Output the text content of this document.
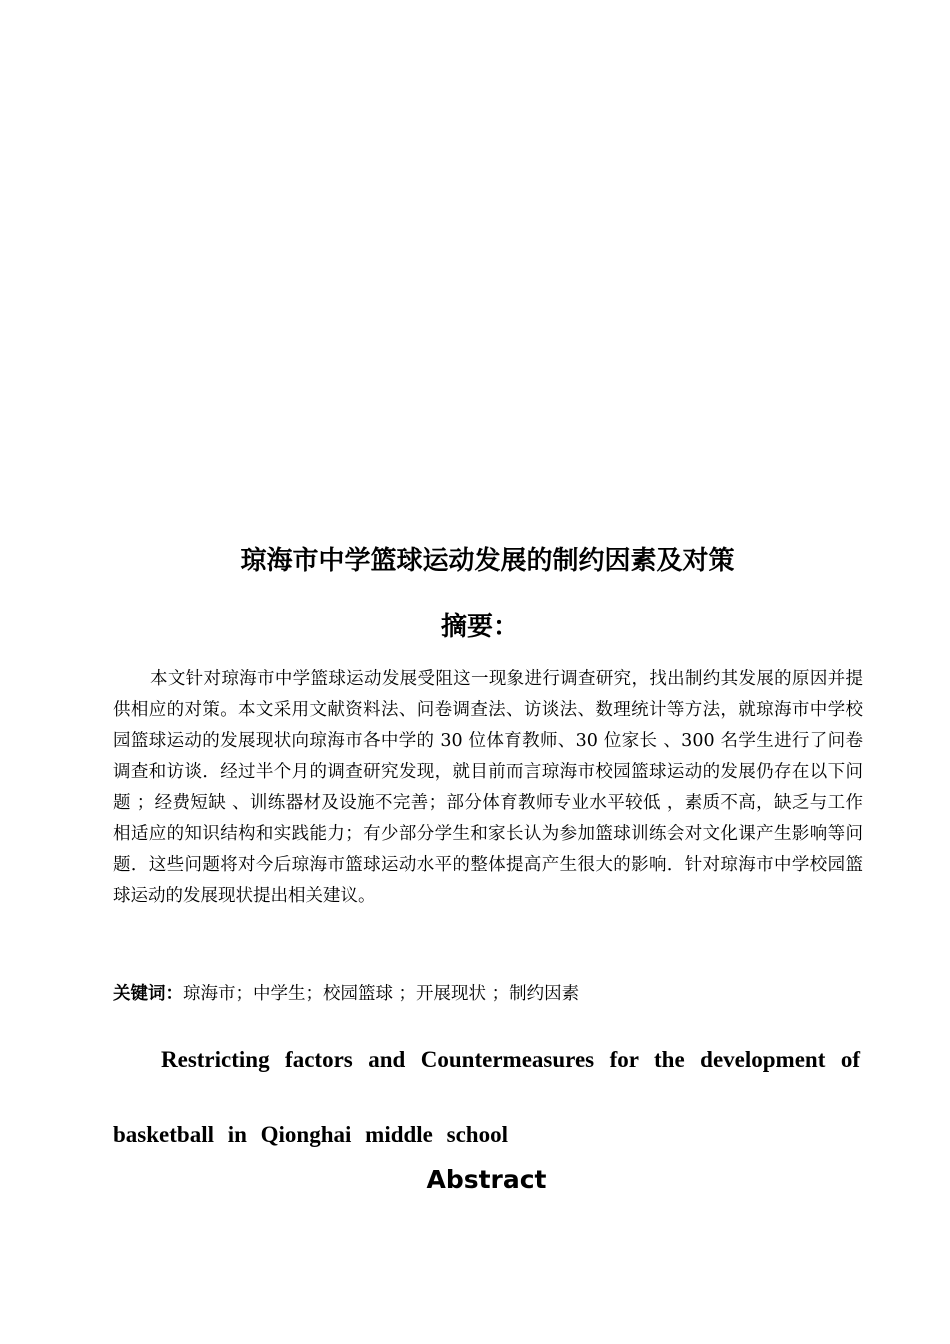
琼海市中学篮球运动发展的制约因素及对策
摘要：
本文针对琼海市中学篮球运动发展受阻这一现象进行调查研究，找出制约其发展的原因并提供相应的对策。本文采用文献资料法、问卷调查法、访谈法、数理统计等方法，就琼海市中学校园篮球运动的发展现状向琼海市各中学的 30 位体育教师、30 位家长 、300 名学生进行了问卷调查和访谈．经过半个月的调查研究发现，就目前而言琼海市校园篮球运动的发展仍存在以下问题 ；经费短缺 、训练器材及设施不完善；部分体育教师专业水平较低 ，素质不高，缺乏与工作相适应的知识结构和实践能力；有少部分学生和家长认为参加篮球训练会对文化课产生影响等问题．这些问题将对今后琼海市篮球运动水平的整体提高产生很大的影响．针对琼海市中学校园篮球运动的发展现状提出相关建议。
关键词：琼海市；中学生；校园篮球 ；开展现状 ；制约因素
Restricting factors and Countermeasures for the development of basketball in Qionghai middle school
Abstract
